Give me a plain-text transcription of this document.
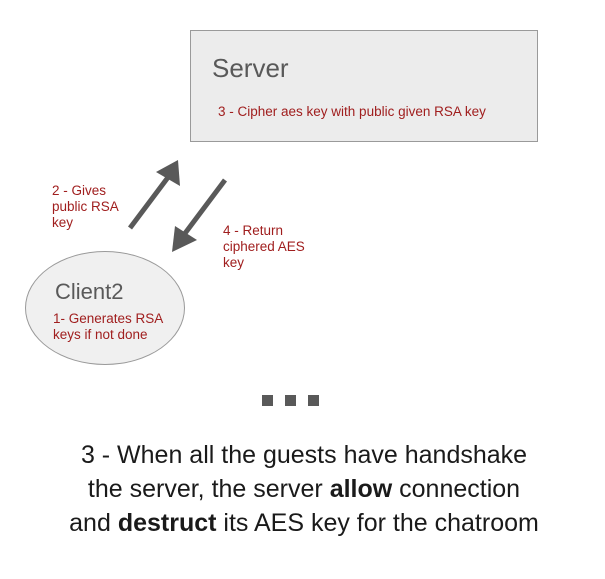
Server
3 - Cipher aes key with public given RSA key
2 - Gives public RSA key
4 - Return ciphered AES key
Client2
1- Generates RSA keys if not done
3 - When all the guests have handshake
the server, the server allow connection
and destruct its AES key for the chatroom
